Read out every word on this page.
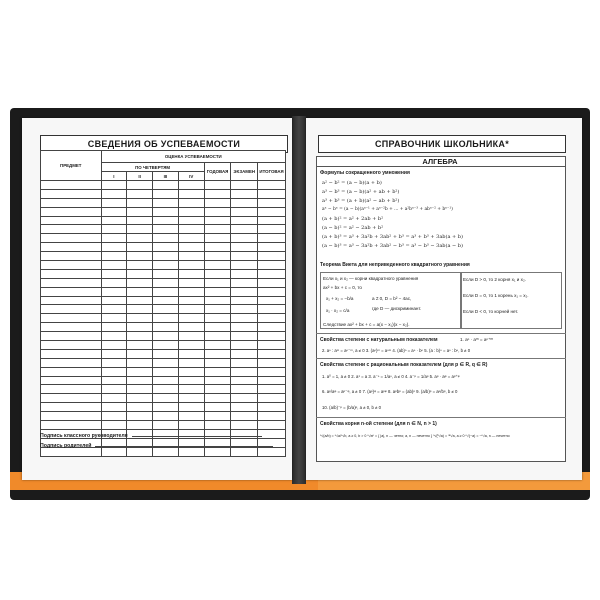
СВЕДЕНИЯ ОБ УСПЕВАЕМОСТИ
ПРЕДМЕТ	ОЦЕНКА УСПЕВАЕМОСТИ						
	ПО ЧЕТВЕРТЯМ				ГОДОВАЯ	ЭКЗАМЕН	ИТОГОВАЯ
	I	II	III	IV			

Подпись классного руководителя
Подпись родителей
СПРАВОЧНИК ШКОЛЬНИКА*
АЛГЕБРА
Формулы сокращенного умножения
a² − b² = (a − b)(a + b)
a³ − b³ = (a − b)(a² + ab + b²)
a³ + b³ = (a + b)(a² − ab + b²)
aⁿ − bⁿ = (a − b)(aⁿ⁻¹ + aⁿ⁻²b + ... + a²bⁿ⁻³ + abⁿ⁻² + bⁿ⁻¹)
(a + b)² = a² + 2ab + b²
(a − b)² = a² − 2ab + b²
(a + b)³ = a³ + 3a²b + 3ab² + b³ = a³ + b³ + 3ab(a + b)
(a − b)³ = a³ − 3a²b + 3ab² − b³ = a³ − b³ − 3ab(a − b)
Теорема Виета для неприведенного квадратного уравнения
Если x₁ и x₂ — корни квадратного уравнения
ax² + bx + c = 0, то
x₁ + x₂ = −b/a
x₁ · x₂ = c/a
a ≠ 0, D = b² − 4ac,
где D — дискриминант.
Если D > 0, то 2 корня x₁ и x₂.
Если D = 0, то 1 корень x₁ = x₂.
Если D < 0, то корней нет.
Следствие ax² + bx + c = a(x − x₁)(x − x₂).
Свойства степени с натуральным показателем	1. aⁿ · aᵐ = aⁿ⁺ᵐ
2. aⁿ : aᵐ = aⁿ⁻ᵐ, a ≠ 0 3. (aⁿ)ᵐ = aⁿᵐ 4. (ab)ⁿ = aⁿ · bⁿ 5. (a : b)ⁿ = aⁿ : bⁿ, b ≠ 0
Свойства степени с рациональным показателем (для p ∈ R, q ∈ R)
1. a⁰ = 1, a ≠ 0 2. a¹ = a 3. a⁻ⁿ = 1/aⁿ, a ≠ 0 4. a⁻ᵖ = 1/aᵖ 5. aᵖ · aᵠ = aᵖ⁺ᵠ
6. aᵖ/aᵠ = aᵖ⁻ᵠ, a ≠ 0 7. (aᵖ)ᵠ = aᵖᵠ 8. aᵖbᵖ = (ab)ᵖ 9. (a/b)ᵖ = aᵖ/bᵖ, b ≠ 0
10. (a/b)⁻ᵖ = (b/a)ᵖ, a ≠ 0, b ≠ 0
Свойства корня n-ой степени (для n ∈ N, n > 1)
ⁿ√(a/b) = ⁿ√a/ⁿ√b, a ≥ 0, b > 0 ⁿ√aⁿ = { |a|, n — четно; a, n — нечетно } ⁿ√(ᵏ√a) = ⁿᵏ√a, a ≥ 0 ⁿ√(−a) = −ⁿ√a, n — нечетно
